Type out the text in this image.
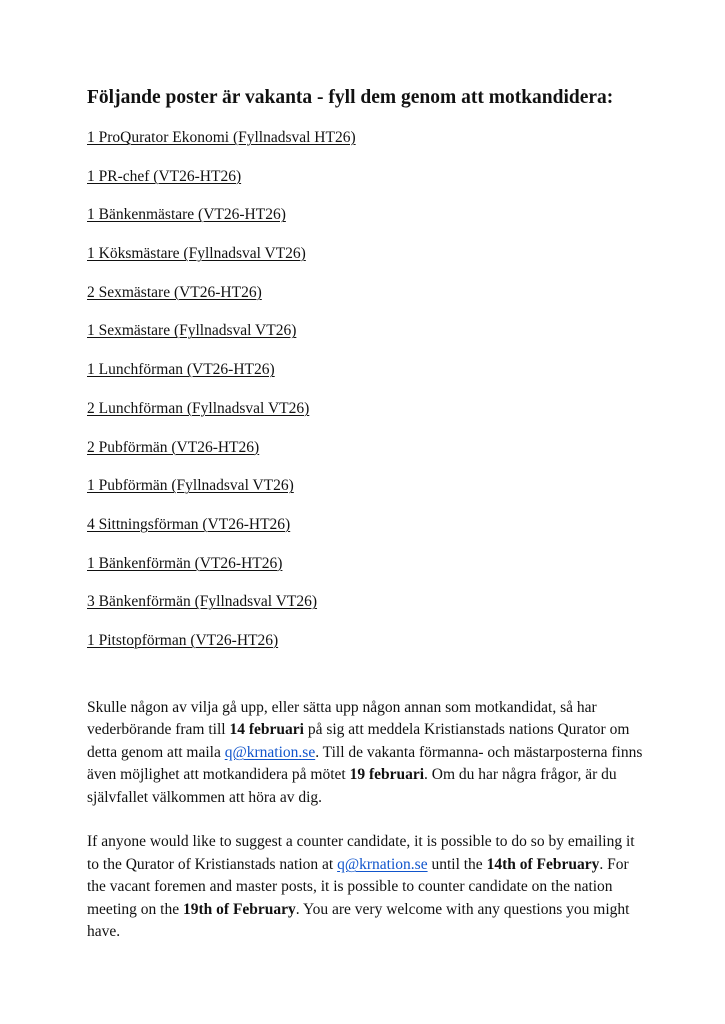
Följande poster är vakanta - fyll dem genom att motkandidera:
1 ProQurator Ekonomi (Fyllnadsval HT26)
1 PR-chef (VT26-HT26)
1 Bänkenmästare (VT26-HT26)
1 Köksmästare (Fyllnadsval VT26)
2 Sexmästare (VT26-HT26)
1 Sexmästare (Fyllnadsval VT26)
1 Lunchförman (VT26-HT26)
2 Lunchförman (Fyllnadsval VT26)
2 Pubförmän (VT26-HT26)
1 Pubförmän (Fyllnadsval VT26)
4 Sittningsförman (VT26-HT26)
1 Bänkenförmän (VT26-HT26)
3 Bänkenförmän (Fyllnadsval VT26)
1 Pitstopförman (VT26-HT26)

Skulle någon av vilja gå upp, eller sätta upp någon annan som motkandidat, så har vederbörande fram till 14 februari på sig att meddela Kristianstads nations Qurator om detta genom att maila q@krnation.se. Till de vakanta förmanna- och mästarposterna finns även möjlighet att motkandidera på mötet 19 februari. Om du har några frågor, är du självfallet välkommen att höra av dig.

If anyone would like to suggest a counter candidate, it is possible to do so by emailing it to the Qurator of Kristianstads nation at q@krnation.se until the 14th of February. For the vacant foremen and master posts, it is possible to counter candidate on the nation meeting on the 19th of February. You are very welcome with any questions you might have.
